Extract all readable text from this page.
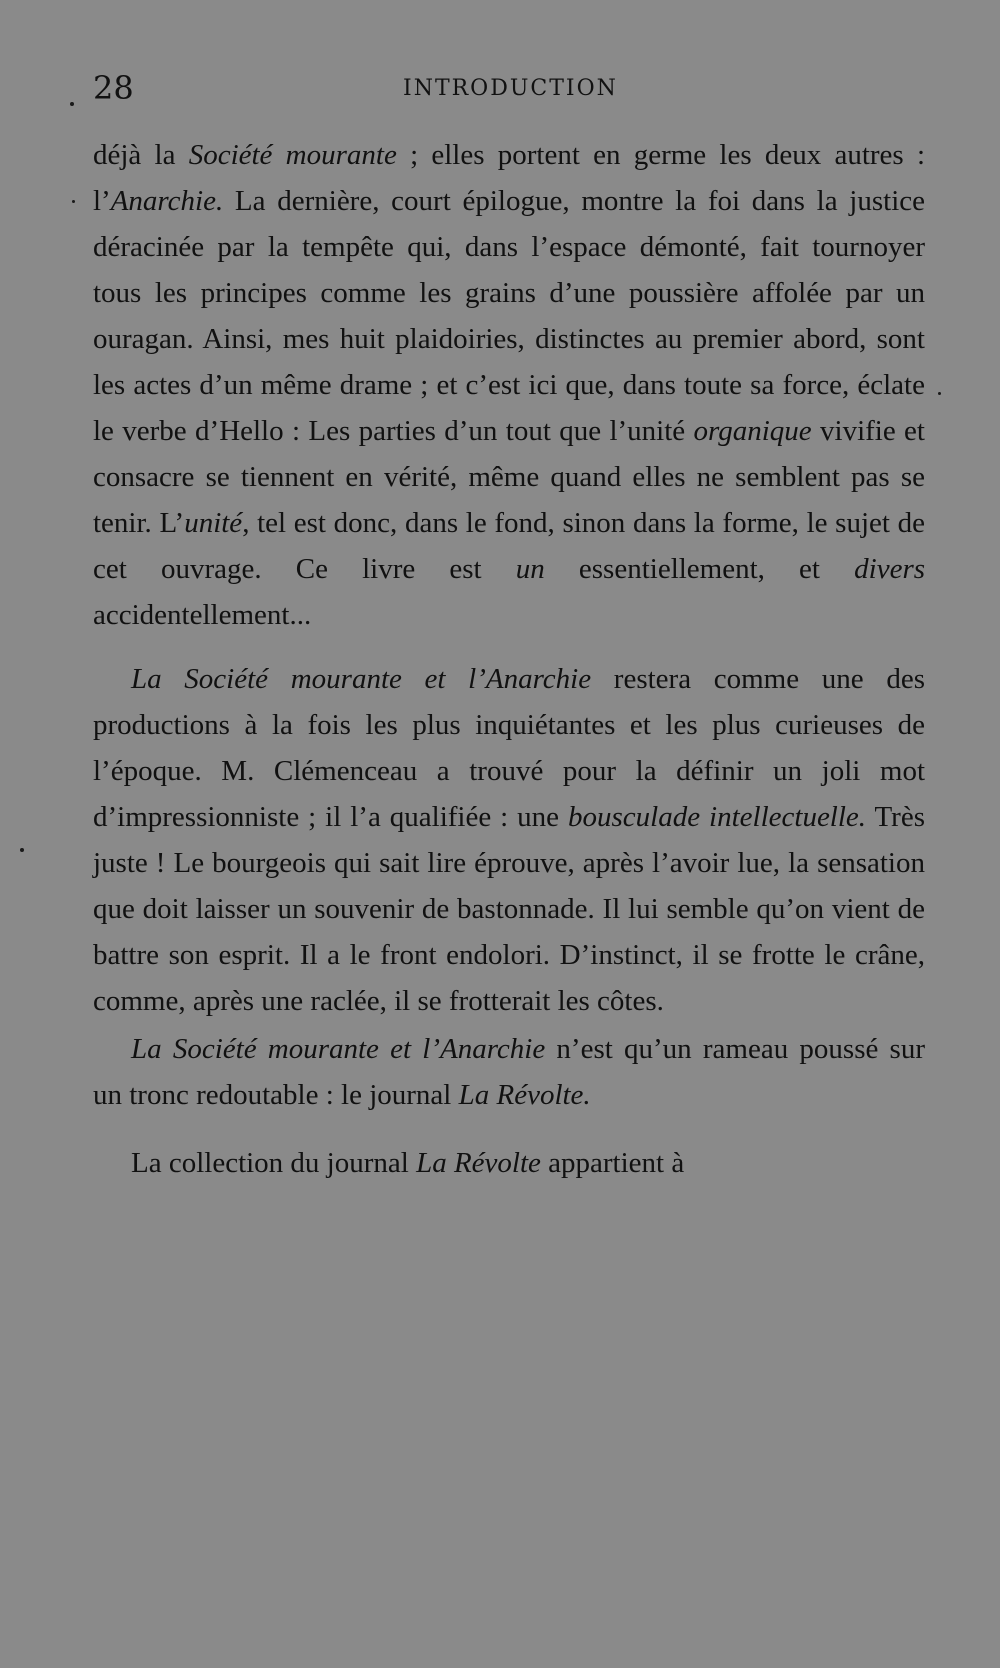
28	INTRODUCTION

déjà la Société mourante ; elles portent en germe les deux autres : l’Anarchie. La dernière, court épilogue, montre la foi dans la justice déracinée par la tempête qui, dans l’espace démonté, fait tournoyer tous les principes comme les grains d’une poussière affolée par un ouragan. Ainsi, mes huit plaidoiries, distinctes au premier abord, sont les actes d’un même drame ; et c’est ici que, dans toute sa force, éclate le verbe d’Hello : Les parties d’un tout que l’unité organique vivifie et consacre se tiennent en vérité, même quand elles ne semblent pas se tenir. L’unité, tel est donc, dans le fond, sinon dans la forme, le sujet de cet ouvrage. Ce livre est un essentiellement, et divers accidentellement...

La Société mourante et l’Anarchie restera comme une des productions à la fois les plus inquiétantes et les plus curieuses de l’époque. M. Clémenceau a trouvé pour la définir un joli mot d’impressionniste ; il l’a qualifiée : une bousculade intellectuelle. Très juste ! Le bourgeois qui sait lire éprouve, après l’avoir lue, la sensation que doit laisser un souvenir de bastonnade. Il lui semble qu’on vient de battre son esprit. Il a le front endolori. D’instinct, il se frotte le crâne, comme, après une raclée, il se frotterait les côtes.

La Société mourante et l’Anarchie n’est qu’un rameau poussé sur un tronc redoutable : le journal La Révolte.

La collection du journal La Révolte appartient à
